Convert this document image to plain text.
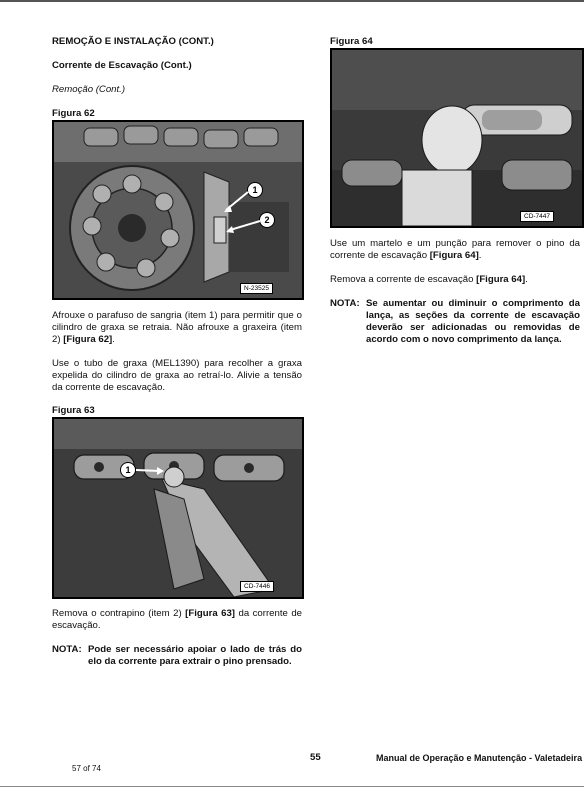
REMOÇÃO E INSTALAÇÃO (CONT.)
Corrente de Escavação (Cont.)
Remoção (Cont.)
Figura 62
1
2
N-23525
Afrouxe o parafuso de sangria (item 1) para permitir que o cilindro de graxa se retraia. Não afrouxe a graxeira (item 2) [Figura 62].
Use o tubo de graxa (MEL1390) para recolher a graxa expelida do cilindro de graxa ao retraí-lo. Alivie a tensão da corrente de escavação.
Figura 63
1
CD-7446
Remova o contrapino (item 2) [Figura 63] da corrente de escavação.
NOTA: Pode ser necessário apoiar o lado de trás do elo da corrente para extrair o pino prensado.
Figura 64
CD-7447
Use um martelo e um punção para remover o pino da corrente de escavação [Figura 64].
Remova a corrente de escavação [Figura 64].
NOTA: Se aumentar ou diminuir o comprimento da lança, as seções da corrente de escavação deverão ser adicionadas ou removidas de acordo com o novo comprimento da lança.
55	Manual de Operação e Manutenção - Valetadeira
57 of 74
